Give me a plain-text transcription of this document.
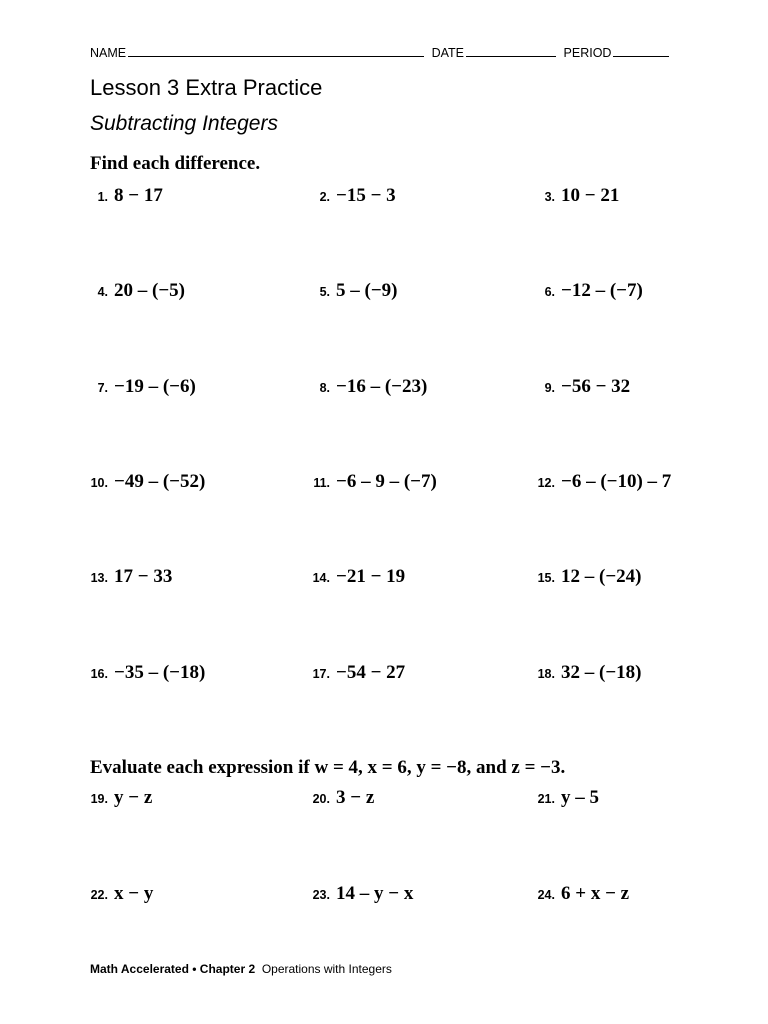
NAME	DATE	PERIOD
Lesson 3 Extra Practice
Subtracting Integers
Find each difference.
1. 8 − 17	2. −15 − 3	3. 10 − 21
4. 20 – (−5)	5. 5 – (−9)	6. −12 – (−7)
7. −19 – (−6)	8. −16 – (−23)	9. −56 − 32
10. −49 – (−52)	11. −6 – 9 – (−7)	12. −6 – (−10) – 7
13. 17 − 33	14. −21 − 19	15. 12 – (−24)
16. −35 – (−18)	17. −54 − 27	18. 32 – (−18)
Evaluate each expression if w = 4, x = 6, y = −8, and z = −3.
19. y − z	20. 3 − z	21. y – 5
22. x − y	23. 14 – y − x	24. 6 + x − z
Math Accelerated • Chapter 2 Operations with Integers
